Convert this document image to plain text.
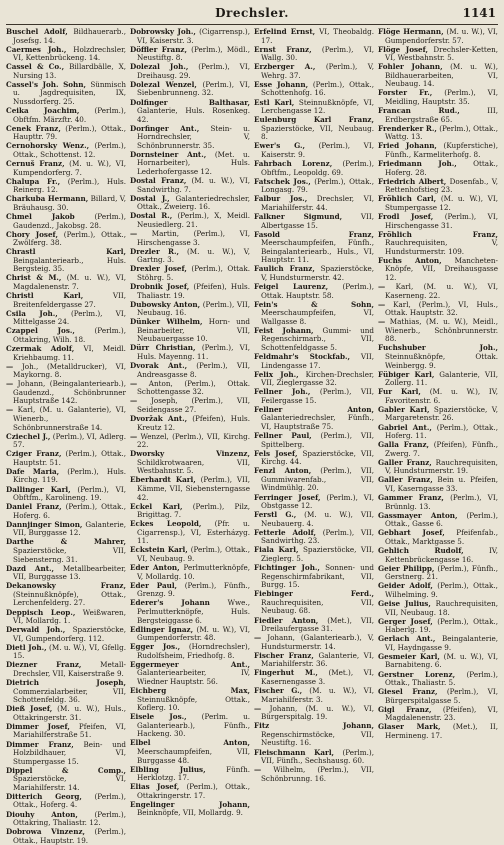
Drechsler.	1141

Buschel Adolf, Bildhauerarb., Josefsg. 14.

Caermes Joh., Holzdrechsler, VI, Kettenbrückeng. 14.

Cassel & Co., Billardbälle, X, Nursing 13.

Cassel's Joh. Sohn, Sünmisch u. Jagdrequisiten, IX, Nussdorferg. 25.

Ceika Joachim, (Perlm.), Obftfm. Märzftr. 40.

Cenek Franz, (Perlm.), Ottak., Haupttr. 79.

Cernohorsky Wenz., (Perlm.), Ottak., Schottenst. 12.

Cernuš Franz, (M. u. W.), VI, Kumpendorferg. 7.

Chalupa Fr., (Perlm.), Huls. Reinerg. 12.

Charkuba Hermann, Billard, V, Bräuhausg. 30.

Chmel Jakob	(Perlm.), Gaudenzd., Jakobsg. 28.

Chory Josef, (Perlm.), Ottak., Zwölferg. 38.

Chrastl Karl, Beingalanteriearb., Huls. Bergsteig. 35.

Christ & M., (M. u. W.), VI, Magdalenenstr. 7.

Christl Karl,	VII, Breitenfeldergasse 27.

Csila Joh., (Perlm.), VI, Mittelgasse 24.

Czappel Jos.,	(Perlm.), Ottakring, Wilh. 18.

Czermak Adolf, VI, Meidl. Kriehbaumg. 11.

— Joh., (Metalldrucker), VI, Maykorng. 8.

— Johann, (Beingalanteriearb.), Gaudenzd., Schönbrunner Hauptstraße 142.

— Karl, (M. u. Galanterie), VI, Wienerb., Schönbrunnerstraße 14.

Cziechel J., (Perlm.), VI, Adlerg. 57.

Cziger Franz, (Perlm.), Ottak., Hauptstr. 51.

Dafe Maria, (Perlm.), Huls. Kirchg. 119.

Dallinger Karl, (Perlm.), VI, Obftfm., Karolineng. 19.

Daniel Franz, (Perlm.), Ottak., Hoferg. 6.

Dannjinger Simon, Galanterie, VII, Burggasse 12.

Darthe & Mahrer, Spazierstöcke, VII, Siebensterng. 31.

Dazd Ant., Metallbearbeiter, VII, Burggasse 13.

Dekanowsky Franz, (Steinnußknöpfe), Ottak., Lerchenfelderg. 27.

Deppisch Leop., Weißwaren, VI, Mollardg. 1.

Derwald Joh., Spazierstöcke, VI, Gumpendorferg. 112.

Dietl Joh., (M. u. W.), VI, Gfellg. 15.

Diezner Franz,	Metall-Drechsler, VII, Kaiserstraße 9.

Dietrich Joseph, Commerzialarbeiter, VII, Schottenfeldg. 36.

Dieß Josef, (M. u. W.), Huls., Ottakringerstr. 31.

Dimmer Josef, Pfeifen, VI, Mariahilferstraße 51.

Dimmer Franz, Bein- und Holzbildhauer, VI, Stumpergasse 15.

Dippel & Comp., Spazierstöcke, VI, Mariahilferstr. 14.

Ditterich Georg, (Perlm.), Ottak., Hoferg. 4.

Diouhy Anton, (Perlm.), Ottakring, Thaliastr. 12.

Dobrowa Vinzenz, (Perlm.), Ottak., Hauptstr. 19.

Dobrowsky Joh., (Cigarrensp.), VI, Kaiserstr. 3.

Döffler Franz, (Perlm.), Mödl., Neustiftg. 8.

Dolezal Joh., (Perlm.), VI, Dreihausg. 29.

Dolezal Wenzel, (Perlm.), VI, Siebenbrunneng. 32.

Dolfinger Balthasar, Galanterie, Huls. Rosenkeg. 42.

Dorfinger Ant., Stein- u. Horndrechsler, V, Schönbrunnerstr. 35.

Dornsteiner Ant., (Met. u. Hornarbeiter), Huls. Lederhofergasse 12.

Dostal Franz, (M. u. W.), VI, Sandwirthg. 7.

Dostal J., Galanteriedrechsler, Ottak., Zweierg. 16.

Dostal R., (Perlm.), X, Meidl. Neusiedlerg. 21.

— Martin, (Perlm.), VI, Hirschengasse 3.

Drezler R., (M. u. W.), V, Gartng. 3.

Drexler Josef, (Perlm.), Ottak. Stöhrg. 5.

Drobnik Josef, (Pfeifen), Huls. Thaliastr. 19.

Dubowsky Anton, (Perlm.), VII, Neubaug. 16.

Dünker Wilhelm, Horn- und Beinarbeiter, VII, Neubauergasse 10.

Dürr Christian, (Perlm.), VI, Huls. Mayenng. 11.

Dvorak Ant., (Perlm.), VII, Andreasgasse 8.

— Anton, (Perlm.), Ottak. Schottengasse 32.

— Joseph, (Perlm.), VII, Seidengasse 27.

Dvoržak Ant., (Pfeifen), Huls. Kreutz 12.

— Wenzel, (Perlm.), VII, Kirchg. 22.

Dworsky Vinzenz, Schildkrotwaaren, VII, Westbahnstr. 5.

Eberhardt Karl, (Perlm.), VII, Kämme, VII, Siebensterngasse 42.

Eckel Karl, (Perlm.), Pilz, Brigittag. 7.

Eckes Leopold, (Pfr. u. Cigarrensp.), VI, Esterházyg. 11.

Eckstein Karl, (Perlm.), Ottak., VI, Neubaug. 9.

Eder Anton, Perlmutterknöpfe, V, Mollardg. 10.

Eder Paul, (Perlm.), Fünfh., Grenzg. 9.

Ederer's Johann Wwe., Perlmutterknöpfe, Huls. Bergsteiggasse 6.

Edlinger Ignaz, (M. u. W.), VI, Gumpendorferstr. 48.

Egger Jos., (Horndrechsler), Rudolfsheim, Friedhofg. 8.

Eggermeyer Ant., Galanteriearbeiter, IV, Wiedner Hauptstr. 56.

Eichberg Max, Steinnußknöpfe, Ottak., Koflerg. 10.

Eisele Jos., (Perlm. u. Galanteriearb.), Fünfh., Hackeng. 30.

Elbel Anton, Meerschaumpfeifen, VII, Burggasse 48.

Elbling Julius,	Fünfh. Herklotzg. 17.

Elias Josef, (Perlm.), Ottak., Ottakringerstr. 17.

Engelinger Johann, Beinknöpfe, VII, Mollardg. 9.

Erfelind Ernst, VI, Theobaldg. 17.

Ernst Franz, (Perlm.), VI, Wallg. 30.

Erzberger A., (Perlm.), V, Wehrg. 37.

Esse Johann, (Perlm.), Ottak., Schottenhofg. 16.

Estl Karl, Steinnußknöpfe, VI, Lerchengasse 12.

Eulenburg Karl Franz, Spazierstöcke, VII, Neubaug. 8.

Ewer's G., (Perlm.), VI, Kaiserstr. 9.

Fahrbach Lorenz, (Perlm.), Obftfm., Leopoldg. 69.

Fatschek Jos., (Perlm.), Ottak., Longasg. 79.

Falbur Jos., Drechsler, VI, Mariahilferstr. 44.

Falkner Sigmund,	VII, Albertgasse 15.

Fasold Franz, Meerschaumpfeifen, Fünfh., Beingalanteriearb., Huls., VI, Hauptstr. 11.

Faulich Franz, Spazierstöcke, V, Hundsturmerstr. 42.

Feigel Laurenz, (Perlm.), Ottak. Hauptstr. 58.

Fein's & Sohn, Meerschaumpfeifen, VI, Wallgasse 8.

Feist Johann, Gummi- und Regenschirmarb., VII, Schottenfeldgasse 5.

Feldmahr's Stockfab., VII, Lindengasse 17.

Felix Joh., Kirchen-Drechsler, VII, Zieglergasse 32.

Fellner Joh., (Perlm.), VII, Feilergasse 15.

Fellner Anton, Galanteriedrechsler, Fünfh., VI, Hauptstraße 75.

Fellner Paul, (Perlm.), VII, Spittelberg.

Fels Josef, Spazierstöcke, VII, Kirchg. 44.

Fenzl Anton, (Perlm.), VII, Gummiwarenfab., VII, Windmühlg. 20.

Ferringer Josef, (Perlm.), VI, Obstgasse 12.

Ferstl G., (M. u. W.), VII, Neubauerg. 4.

Fetterle Adolf, (Perlm.), VII, Sandwirthg. 23.

Fiala Karl, Spazierstöcke, VII, Zieglerg. 5.

Fichtinger Joh., Sonnen- und Regenschirmfabrikant, VII, Burgg. 15.

Fiebinger Ferd., Rauchrequisiten, VII, Neubaug. 68.

Fiedler Anton, (Met.), VII, Dreilaufergasse 31.

— Johann, (Galanteriearb.), V, Hundsturmerstr. 14.

Fischer Franz, Galanterie, VI, Mariahilferstr. 36.

Fingerhut M., (Met.), VI, Kasernengasse 3.

Fischer G., (M. u. W.), VI, Mariahilferstr. 3.

— Johann, (M. u. W.), VI, Bürgerspitalg. 19.

Fitz Johann, Regenschirmstöcke, VII, Neustiftg. 16.

Fleischmann Karl, (Perlm.), VII, Fünfh., Sechshausg. 60.

— Wilhelm, (Perlm.), VII, Schönbrunng. 16.

Flöge Hermann, (M. u. W.), VI, Gumpendorferstr. 57.

Flöge Josef, Drechsler-Ketten, VI, Westbahnstr. 5.

Fohler Johann, (M. u. W.), Bildhauerarbeiten, VI, Neubaug. 14.

Forster Fr., (Perlm.), VI, Meidling, Hauptstr. 35.

Francan Rud.,	III, Erdbergstraße 65.

Frenderker R., (Perlm.), Ottak., Wattg. 13.

Fried Johann, (Kupferstiche), Fünfh., Karmeliterhofg. 8.

Friedmann Joh., Ottak., Hoferg. 28.

Friedrich Albert, Dosenfab., V, Rettenhofstieg 23.

Fröhlich Carl, (M. u. W.), VI, Stumpergasse 12.

Frodl Josef, (Perlm.), VI, Hirschengasse 31.

Fröhlich Franz, Rauchrequisiten, V, Hundsturmerstr. 109.

Fuchs Anton, Mancheten-Knöpfe, VII, Dreihausgasse 12.

— Karl, (M. u. W.), VI, Kaserneng. 22.

— Karl, (Perlm.), VI, Huls., Ottak. Hauptstr. 32.

— Mathias, (M. u. W.), Meidl., Wienerb., Schönbrunnerstr. 88.

Fuchshuber Joh., Steinnußknöpfe, Ottak. Weinbergg. 9.

Fübiger Karl, Galanterie, VII, Zollerg. 11.

Fur Karl, (M. u. W.), IV, Favoritenstr. 6.

Gabler Karl, Spazierstöcke, V, Margaretenstr. 26.

Gabriel Ant., (Perlm.), Ottak., Hoferg. 11.

Galla Franz, (Pfeifen), Fünfh., Zwerg. 7.

Galler Franz, Rauchrequisiten, V, Hundsturmerstr. 19.

Galler Franz, Bein u. Pfeifen, VI, Kaserngasse 33.

Gammer Franz, (Perlm.), VI, Brünnlg. 13.

Gassmayer Anton, (Perlm.), Ottak., Gasse 6.

Gebhart Josef, Pfeifenfab., Ottak., Marktgasse 5.

Gehlich Rudolf,	IV, Kettenbrückengasse 16.

Geier Philipp, (Perlm.), Fünfh., Gerstnerg. 21.

Geider Adolf, (Perlm.), Ottak., Wilhelming. 9.

Geise Julius, Rauchrequisiten, VII, Neubaug. 18.

Gerger Josef, (Perlm.), Ottak., Haberlg. 19.

Gerlach Ant., Beingalanterie, VI, Haydngasse 9.

Gesmeier Karl, (M. u. W.), VI, Barnabiteng. 6.

Gerstner Lorenz, (Perlm.), Ottak., Thaliastr. 5.

Giesel Franz, (Perlm.), VI, Bürgerspitalgasse 5.

Gigl Franz, (Pfeifen), VI, Magdalenenstr. 23.

Glaser Mark, (Met.), II, Hermineng. 17.
